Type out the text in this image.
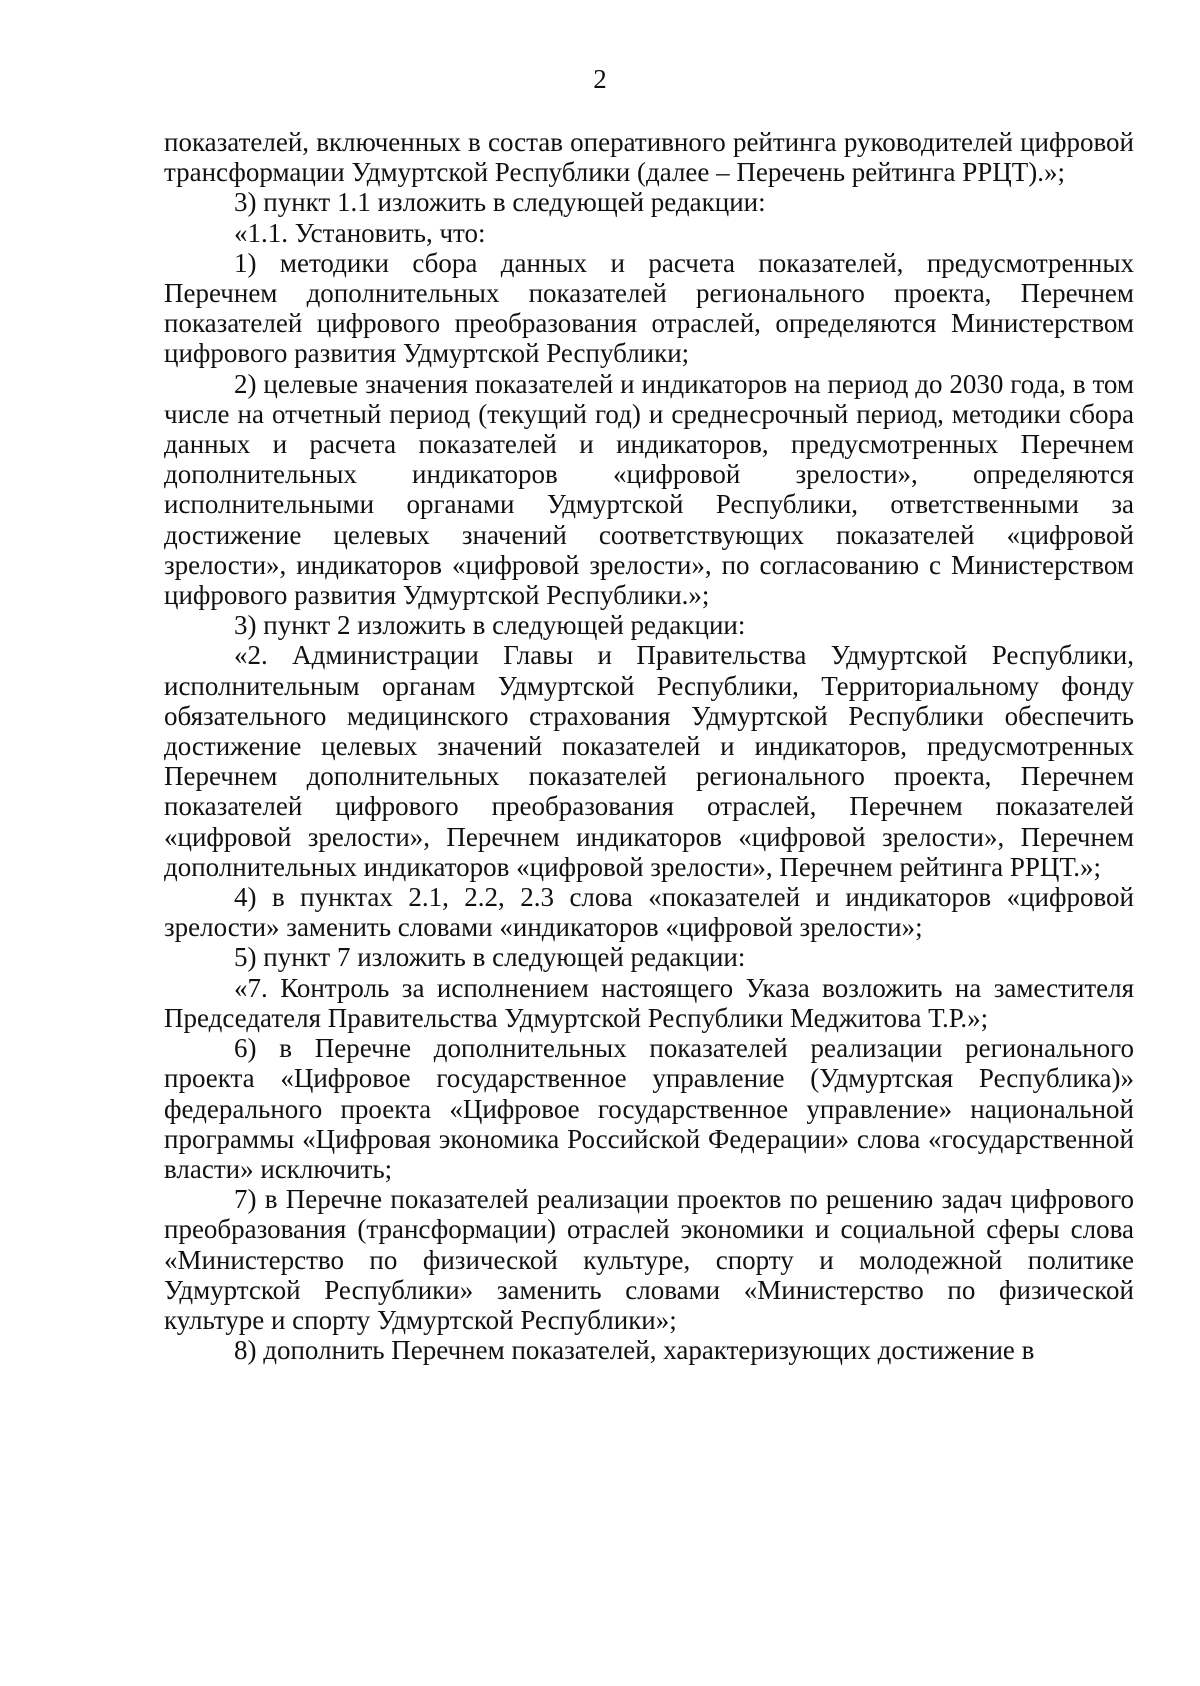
2

показателей, включенных в состав оперативного рейтинга руководителей цифровой трансформации Удмуртской Республики (далее – Перечень рейтинга РРЦТ).»;

3) пункт 1.1 изложить в следующей редакции:

«1.1. Установить, что:

1) методики сбора данных и расчета показателей, предусмотренных Перечнем дополнительных показателей регионального проекта, Перечнем показателей цифрового преобразования отраслей, определяются Министерством цифрового развития Удмуртской Республики;

2) целевые значения показателей и индикаторов на период до 2030 года, в том числе на отчетный период (текущий год) и среднесрочный период, методики сбора данных и расчета показателей и индикаторов, предусмотренных Перечнем дополнительных индикаторов «цифровой зрелости», определяются исполнительными органами Удмуртской Республики, ответственными за достижение целевых значений соответствующих показателей «цифровой зрелости», индикаторов «цифровой зрелости», по согласованию с Министерством цифрового развития Удмуртской Республики.»;

3) пункт 2 изложить в следующей редакции:

«2. Администрации Главы и Правительства Удмуртской Республики, исполнительным органам Удмуртской Республики, Территориальному фонду обязательного медицинского страхования Удмуртской Республики обеспечить достижение целевых значений показателей и индикаторов, предусмотренных Перечнем дополнительных показателей регионального проекта, Перечнем показателей цифрового преобразования отраслей, Перечнем показателей «цифровой зрелости», Перечнем индикаторов «цифровой зрелости», Перечнем дополнительных индикаторов «цифровой зрелости», Перечнем рейтинга РРЦТ.»;

4) в пунктах 2.1, 2.2, 2.3 слова «показателей и индикаторов «цифровой зрелости» заменить словами «индикаторов «цифровой зрелости»;

5) пункт 7 изложить в следующей редакции:

«7. Контроль за исполнением настоящего Указа возложить на заместителя Председателя Правительства Удмуртской Республики Меджитова Т.Р.»;

6) в Перечне дополнительных показателей реализации регионального проекта «Цифровое государственное управление (Удмуртская Республика)» федерального проекта «Цифровое государственное управление» национальной программы «Цифровая экономика Российской Федерации» слова «государственной власти» исключить;

7) в Перечне показателей реализации проектов по решению задач цифрового преобразования (трансформации) отраслей экономики и социальной сферы слова «Министерство по физической культуре, спорту и молодежной политике Удмуртской Республики» заменить словами «Министерство по физической культуре и спорту Удмуртской Республики»;

8) дополнить Перечнем показателей, характеризующих достижение в
